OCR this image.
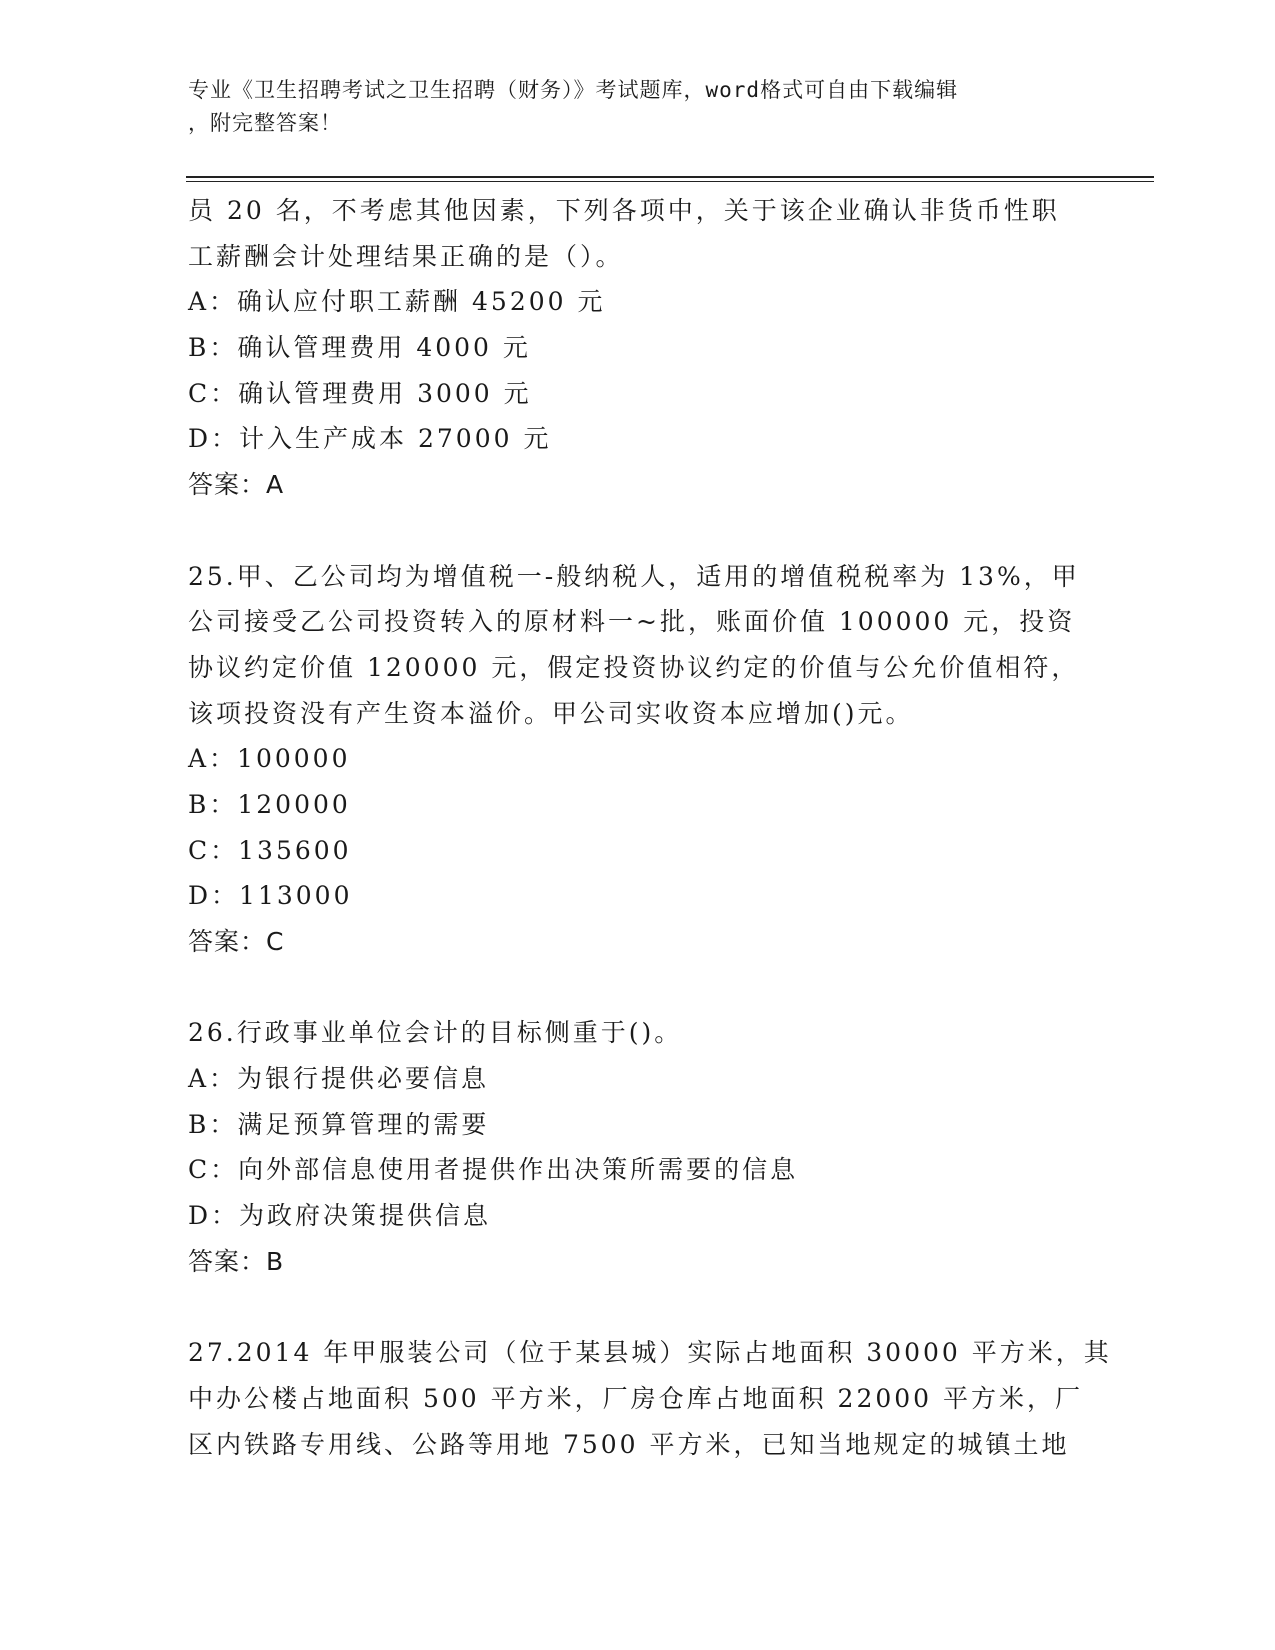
专业《卫生招聘考试之卫生招聘（财务）》考试题库，word格式可自由下载编辑
，附完整答案！
员 20 名，不考虑其他因素，下列各项中，关于该企业确认非货币性职
工薪酬会计处理结果正确的是（）。
A：确认应付职工薪酬 45200 元
B：确认管理费用 4000 元
C：确认管理费用 3000 元
D：计入生产成本 27000 元
答案：A
25.甲、乙公司均为增值税一-般纳税人，适用的增值税税率为 13%，甲
公司接受乙公司投资转入的原材料一~批，账面价值 100000 元，投资
协议约定价值 120000 元，假定投资协议约定的价值与公允价值相符，
该项投资没有产生资本溢价。甲公司实收资本应增加()元。
A：100000
B：120000
C：135600
D：113000
答案：C
26.行政事业单位会计的目标侧重于()。
A：为银行提供必要信息
B：满足预算管理的需要
C：向外部信息使用者提供作出决策所需要的信息
D：为政府决策提供信息
答案：B
27.2014 年甲服装公司（位于某县城）实际占地面积 30000 平方米，其
中办公楼占地面积 500 平方米，厂房仓库占地面积 22000 平方米，厂
区内铁路专用线、公路等用地 7500 平方米，已知当地规定的城镇土地
